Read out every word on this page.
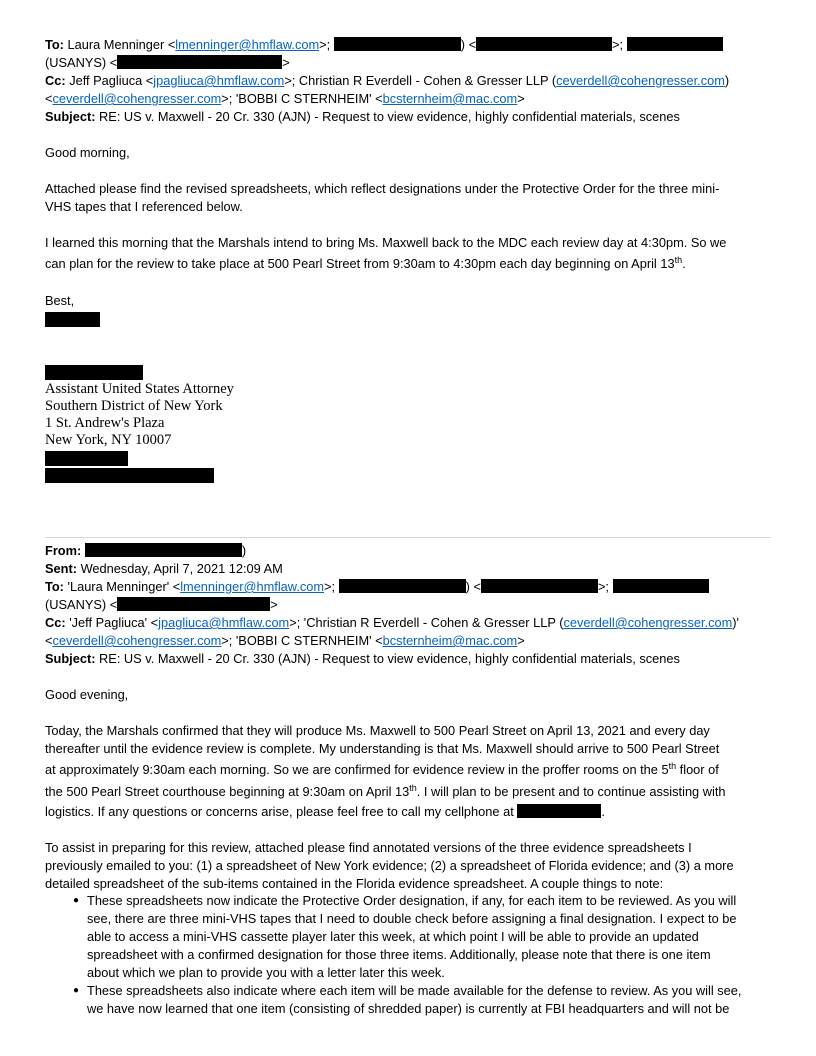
To: Laura Menninger <lmenninger@hmflaw.com>;	) <	>;
(USANYS) <	>
Cc: Jeff Pagliuca <jpagliuca@hmflaw.com>; Christian R Everdell - Cohen & Gresser LLP (ceverdell@cohengresser.com)
<ceverdell@cohengresser.com>; 'BOBBI C STERNHEIM' <bcsternheim@mac.com>
Subject: RE: US v. Maxwell - 20 Cr. 330 (AJN) - Request to view evidence, highly confidential materials, scenes
Good morning,
Attached please find the revised spreadsheets, which reflect designations under the Protective Order for the three mini-
VHS tapes that I referenced below.
I learned this morning that the Marshals intend to bring Ms. Maxwell back to the MDC each review day at 4:30pm. So we
can plan for the review to take place at 500 Pearl Street from 9:30am to 4:30pm each day beginning on April 13th.
Best,
Assistant United States Attorney
Southern District of New York
1 St. Andrew's Plaza
New York, NY 10007
From:	)
Sent: Wednesday, April 7, 2021 12:09 AM
To: 'Laura Menninger' <lmenninger@hmflaw.com>;	) <	>;
(USANYS) <	>
Cc: 'Jeff Pagliuca' <jpagliuca@hmflaw.com>; 'Christian R Everdell - Cohen & Gresser LLP (ceverdell@cohengresser.com)'
<ceverdell@cohengresser.com>; 'BOBBI C STERNHEIM' <bcsternheim@mac.com>
Subject: RE: US v. Maxwell - 20 Cr. 330 (AJN) - Request to view evidence, highly confidential materials, scenes
Good evening,
Today, the Marshals confirmed that they will produce Ms. Maxwell to 500 Pearl Street on April 13, 2021 and every day
thereafter until the evidence review is complete. My understanding is that Ms. Maxwell should arrive to 500 Pearl Street
at approximately 9:30am each morning. So we are confirmed for evidence review in the proffer rooms on the 5th floor of
the 500 Pearl Street courthouse beginning at 9:30am on April 13th. I will plan to be present and to continue assisting with
logistics. If any questions or concerns arise, please feel free to call my cellphone at	.
To assist in preparing for this review, attached please find annotated versions of the three evidence spreadsheets I
previously emailed to you: (1) a spreadsheet of New York evidence; (2) a spreadsheet of Florida evidence; and (3) a more
detailed spreadsheet of the sub-items contained in the Florida evidence spreadsheet. A couple things to note:
● These spreadsheets now indicate the Protective Order designation, if any, for each item to be reviewed. As you will
see, there are three mini-VHS tapes that I need to double check before assigning a final designation. I expect to be
able to access a mini-VHS cassette player later this week, at which point I will be able to provide an updated
spreadsheet with a confirmed designation for those three items. Additionally, please note that there is one item
about which we plan to provide you with a letter later this week.
● These spreadsheets also indicate where each item will be made available for the defense to review. As you will see,
we have now learned that one item (consisting of shredded paper) is currently at FBI headquarters and will not be
